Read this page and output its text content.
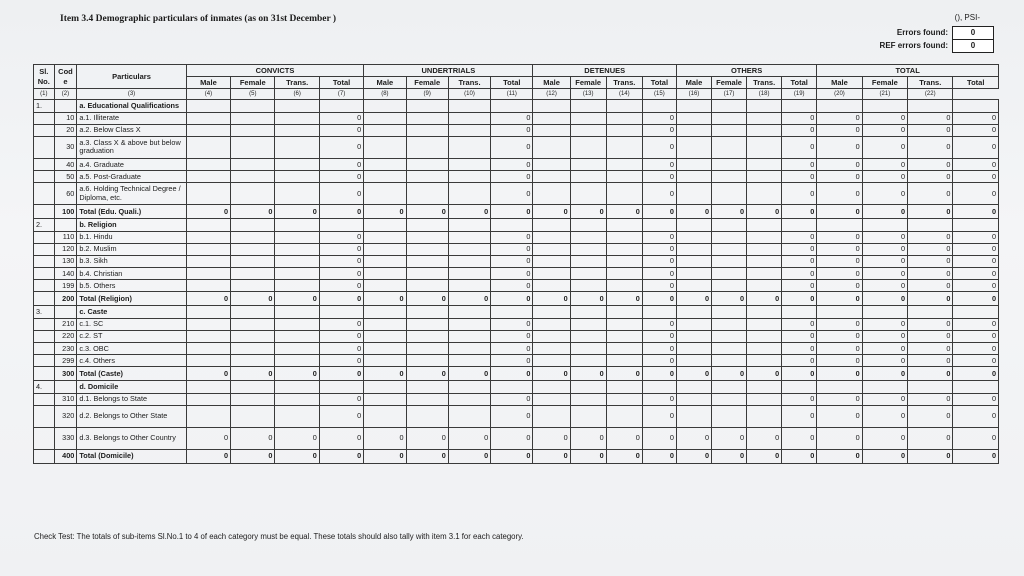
Item 3.4 Demographic particulars of inmates (as on 31st December )	(), PSI-
Errors found:	0
REF errors found:	0
Sl. No.	Cod e	Particulars	CONVICTS				UNDERTRIALS				DETENUES				OTHERS				TOTAL			
			Male	Female	Trans.	Total	Male	Female	Trans.	Total	Male	Female	Trans.	Total	Male	Female	Trans.	Total	Male	Female	Trans.	Total
(1)	(2)	(3)	(4)	(5)	(6)	(7)	(8)	(9)	(10)	(11)	(12)	(13)	(14)	(15)	(16)	(17)	(18)	(19)	(20)	(21)	(22)	
1.		a. Educational Qualifications																				
	10	a.1. Illiterate				0				0				0				0	0	0	0	0
	20	a.2. Below Class X				0				0				0				0	0	0	0	0
	30	a.3. Class X & above but below graduation				0				0				0				0	0	0	0	0
	40	a.4. Graduate				0				0				0				0	0	0	0	0
	50	a.5. Post-Graduate				0				0				0				0	0	0	0	0
	60	a.6. Holding Technical Degree / Diploma, etc.				0				0				0				0	0	0	0	0
	100	Total (Edu. Quali.)	0	0	0	0	0	0	0	0	0	0	0	0	0	0	0	0	0	0	0	0
2.		b. Religion																				
	110	b.1. Hindu				0				0				0				0	0	0	0	0
	120	b.2. Muslim				0				0				0				0	0	0	0	0
	130	b.3. Sikh				0				0				0				0	0	0	0	0
	140	b.4. Christian				0				0				0				0	0	0	0	0
	199	b.5. Others				0				0				0				0	0	0	0	0
	200	Total (Religion)	0	0	0	0	0	0	0	0	0	0	0	0	0	0	0	0	0	0	0	0
3.		c. Caste																				
	210	c.1. SC				0				0				0				0	0	0	0	0
	220	c.2. ST				0				0				0				0	0	0	0	0
	230	c.3. OBC				0				0				0				0	0	0	0	0
	299	c.4. Others				0				0				0				0	0	0	0	0
	300	Total (Caste)	0	0	0	0	0	0	0	0	0	0	0	0	0	0	0	0	0	0	0	0
4.		d. Domicile																				
	310	d.1. Belongs to State				0				0				0				0	0	0	0	0
	320	d.2. Belongs to Other State				0				0				0				0	0	0	0	0
	330	d.3. Belongs to Other Country	0	0	0	0	0	0	0	0	0	0	0	0	0	0	0	0	0	0	0	0
	400	Total (Domicile)	0	0	0	0	0	0	0	0	0	0	0	0	0	0	0	0	0	0	0	0
Check Test: The totals of sub-items Sl.No.1 to 4 of each category must be equal. These totals should also tally with item 3.1 for each category.
